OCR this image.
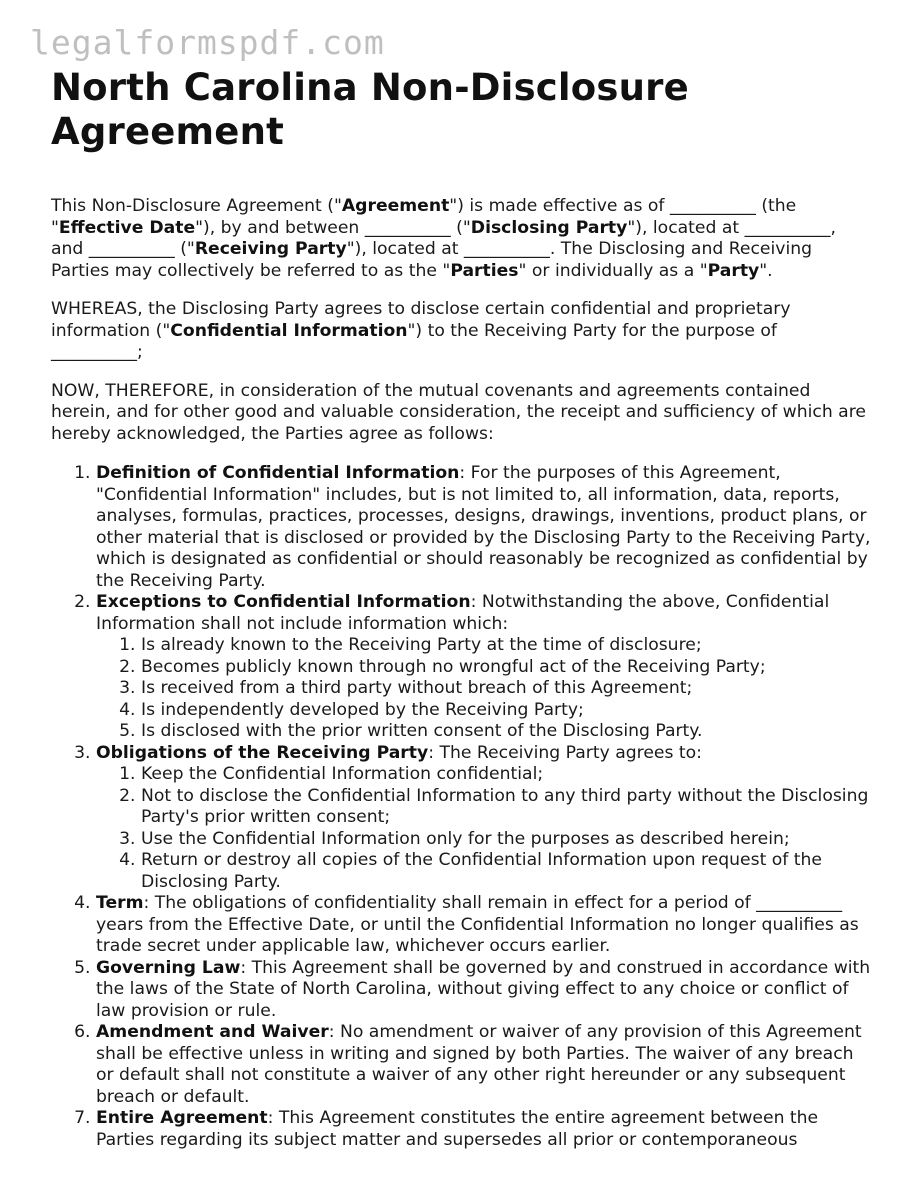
legalformspdf.com
North Carolina Non-Disclosure Agreement

This Non-Disclosure Agreement ("Agreement") is made effective as of __________ (the "Effective Date"), by and between __________ ("Disclosing Party"), located at __________, and __________ ("Receiving Party"), located at __________. The Disclosing and Receiving Parties may collectively be referred to as the "Parties" or individually as a "Party".

WHEREAS, the Disclosing Party agrees to disclose certain confidential and proprietary information ("Confidential Information") to the Receiving Party for the purpose of __________;

NOW, THEREFORE, in consideration of the mutual covenants and agreements contained herein, and for other good and valuable consideration, the receipt and sufficiency of which are hereby acknowledged, the Parties agree as follows:

1. Definition of Confidential Information: For the purposes of this Agreement, "Confidential Information" includes, but is not limited to, all information, data, reports, analyses, formulas, practices, processes, designs, drawings, inventions, product plans, or other material that is disclosed or provided by the Disclosing Party to the Receiving Party, which is designated as confidential or should reasonably be recognized as confidential by the Receiving Party.
2. Exceptions to Confidential Information: Notwithstanding the above, Confidential Information shall not include information which:
1. Is already known to the Receiving Party at the time of disclosure;
2. Becomes publicly known through no wrongful act of the Receiving Party;
3. Is received from a third party without breach of this Agreement;
4. Is independently developed by the Receiving Party;
5. Is disclosed with the prior written consent of the Disclosing Party.
3. Obligations of the Receiving Party: The Receiving Party agrees to:
1. Keep the Confidential Information confidential;
2. Not to disclose the Confidential Information to any third party without the Disclosing Party's prior written consent;
3. Use the Confidential Information only for the purposes as described herein;
4. Return or destroy all copies of the Confidential Information upon request of the Disclosing Party.
4. Term: The obligations of confidentiality shall remain in effect for a period of __________ years from the Effective Date, or until the Confidential Information no longer qualifies as trade secret under applicable law, whichever occurs earlier.
5. Governing Law: This Agreement shall be governed by and construed in accordance with the laws of the State of North Carolina, without giving effect to any choice or conflict of law provision or rule.
6. Amendment and Waiver: No amendment or waiver of any provision of this Agreement shall be effective unless in writing and signed by both Parties. The waiver of any breach or default shall not constitute a waiver of any other right hereunder or any subsequent breach or default.
7. Entire Agreement: This Agreement constitutes the entire agreement between the Parties regarding its subject matter and supersedes all prior or contemporaneous
